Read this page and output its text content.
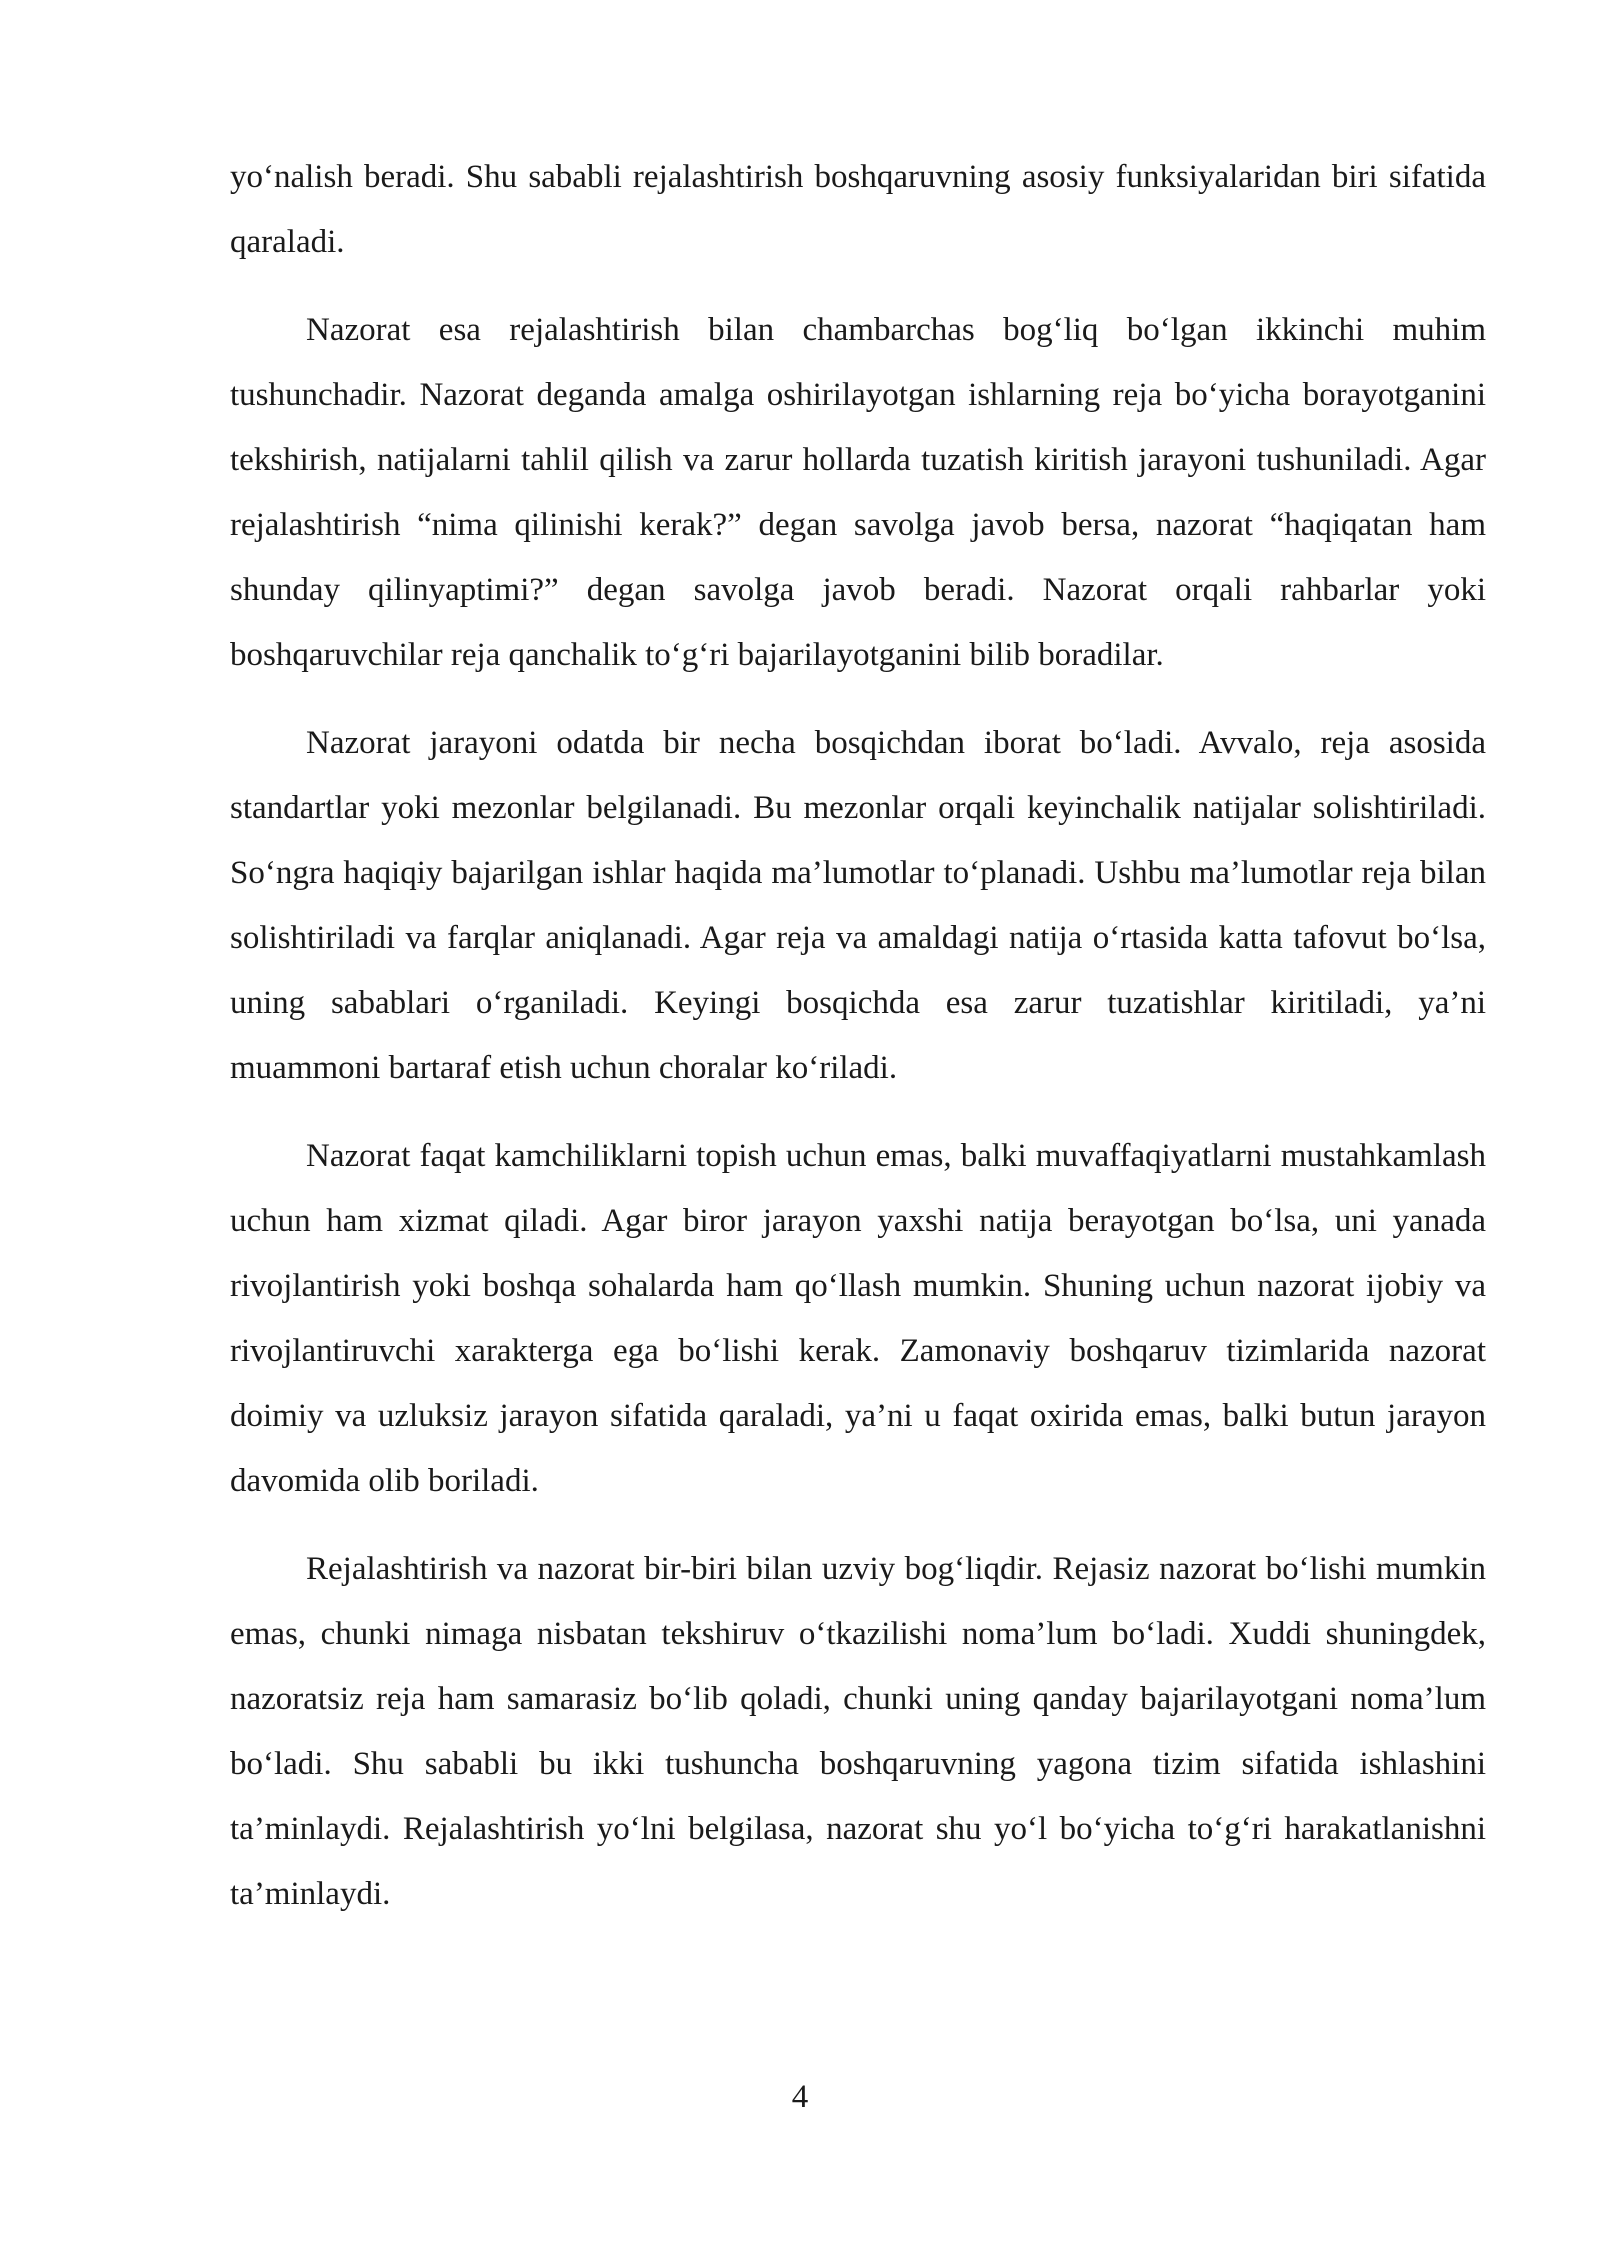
yo‘nalish beradi. Shu sababli rejalashtirish boshqaruvning asosiy funksiyalaridan biri sifatida qaraladi.

Nazorat esa rejalashtirish bilan chambarchas bog‘liq bo‘lgan ikkinchi muhim tushunchadir. Nazorat deganda amalga oshirilayotgan ishlarning reja bo‘yicha borayotganini tekshirish, natijalarni tahlil qilish va zarur hollarda tuzatish kiritish jarayoni tushuniladi. Agar rejalashtirish “nima qilinishi kerak?” degan savolga javob bersa, nazorat “haqiqatan ham shunday qilinyaptimi?” degan savolga javob beradi. Nazorat orqali rahbarlar yoki boshqaruvchilar reja qanchalik to‘g‘ri bajarilayotganini bilib boradilar.

Nazorat jarayoni odatda bir necha bosqichdan iborat bo‘ladi. Avvalo, reja asosida standartlar yoki mezonlar belgilanadi. Bu mezonlar orqali keyinchalik natijalar solishtiriladi. So‘ngra haqiqiy bajarilgan ishlar haqida ma’lumotlar to‘planadi. Ushbu ma’lumotlar reja bilan solishtiriladi va farqlar aniqlanadi. Agar reja va amaldagi natija o‘rtasida katta tafovut bo‘lsa, uning sabablari o‘rganiladi. Keyingi bosqichda esa zarur tuzatishlar kiritiladi, ya’ni muammoni bartaraf etish uchun choralar ko‘riladi.

Nazorat faqat kamchiliklarni topish uchun emas, balki muvaffaqiyatlarni mustahkamlash uchun ham xizmat qiladi. Agar biror jarayon yaxshi natija berayotgan bo‘lsa, uni yanada rivojlantirish yoki boshqa sohalarda ham qo‘llash mumkin. Shuning uchun nazorat ijobiy va rivojlantiruvchi xarakterga ega bo‘lishi kerak. Zamonaviy boshqaruv tizimlarida nazorat doimiy va uzluksiz jarayon sifatida qaraladi, ya’ni u faqat oxirida emas, balki butun jarayon davomida olib boriladi.

Rejalashtirish va nazorat bir-biri bilan uzviy bog‘liqdir. Rejasiz nazorat bo‘lishi mumkin emas, chunki nimaga nisbatan tekshiruv o‘tkazilishi noma’lum bo‘ladi. Xuddi shuningdek, nazoratsiz reja ham samarasiz bo‘lib qoladi, chunki uning qanday bajarilayotgani noma’lum bo‘ladi. Shu sababli bu ikki tushuncha boshqaruvning yagona tizim sifatida ishlashini ta’minlaydi. Rejalashtirish yo‘lni belgilasa, nazorat shu yo‘l bo‘yicha to‘g‘ri harakatlanishni ta’minlaydi.

4
